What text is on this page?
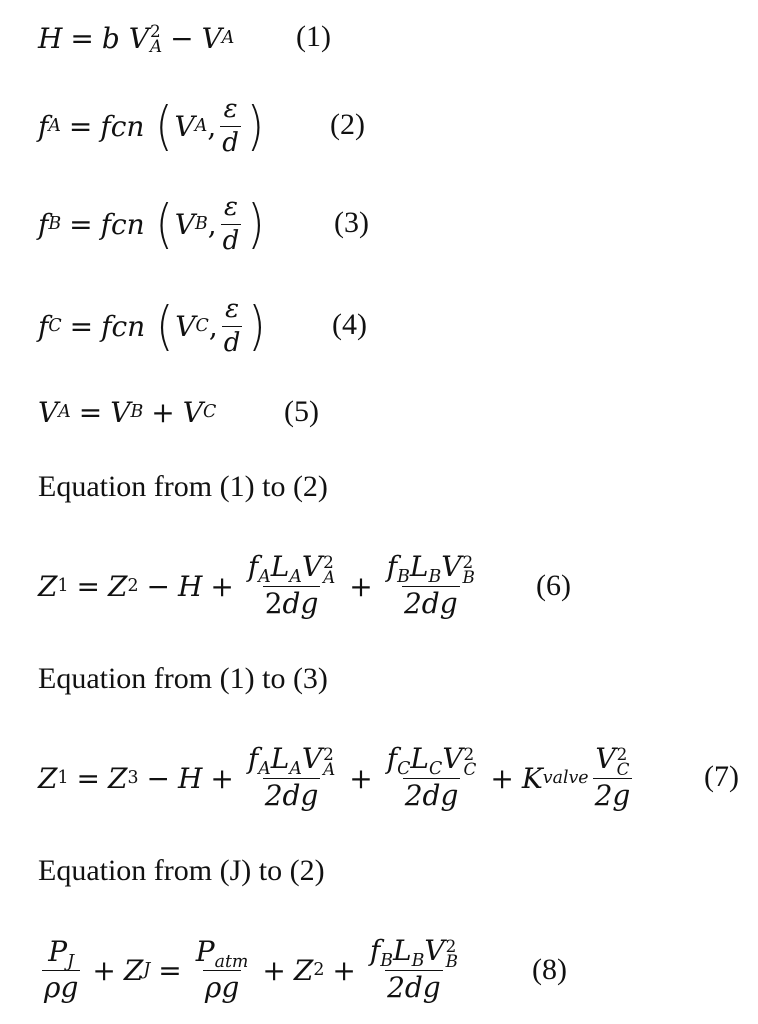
H = b
V 2
A − V A (1)
f A = fcn
( V A , $\frac{\varepsilon}{d}$ ) (2)
f B = fcn
( V B , $\frac{\varepsilon}{d}$ ) (3)
f C = fcn
( V C , $\frac{\varepsilon}{d}$ ) (4)
V A = V B + V C (5)
Equation from (1) to (2)
Z 1 = Z $2 - H + f_AL_AV$ 2
A
$2dg + f_BL_BV$ 2
B
2dg (6)
Equation from (1) to (3)
Z 1 = Z $3 - H + f_AL_AV$ 2
A
$2dg + f_CL_CV$ 2
C
2dg + K valve V 2
C
2g (7)
Equation from (J) to (2)
$\frac{P_J}{\rho g} + Z$ $J = \frac{P_{atm}}{\rho g} + Z$ $2 + f_BL_BV$ 2
B
2dg (8)
